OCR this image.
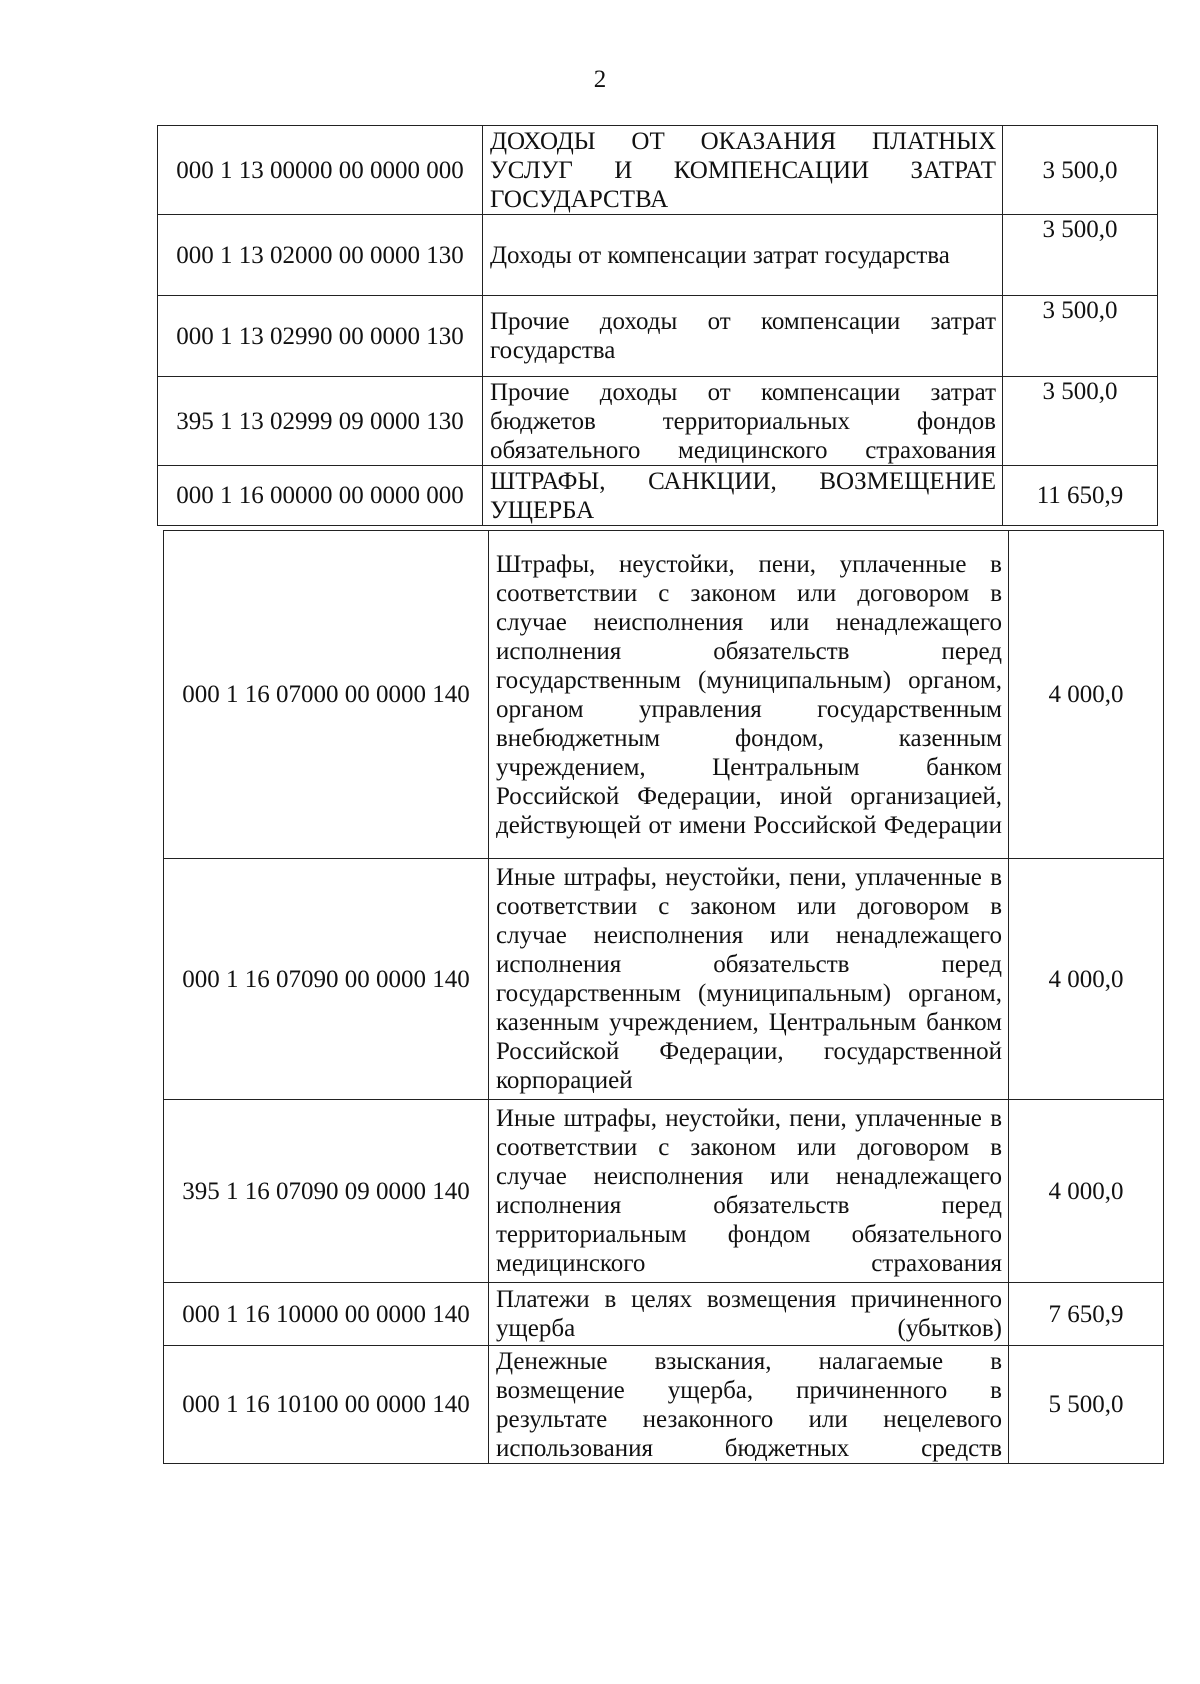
2
000 1 13 00000 00 0000 000	ДОХОДЫ ОТ ОКАЗАНИЯ ПЛАТНЫХ УСЛУГ И КОМПЕНСАЦИИ ЗАТРАТ ГОСУДАРСТВА	3 500,0
000 1 13 02000 00 0000 130	Доходы от компенсации затрат государства	3 500,0
000 1 13 02990 00 0000 130	Прочие доходы от компенсации затрат государства	3 500,0
395 1 13 02999 09 0000 130	Прочие доходы от компенсации затрат бюджетов территориальных фондов обязательного медицинского страхования	3 500,0
000 1 16 00000 00 0000 000	ШТРАФЫ, САНКЦИИ, ВОЗМЕЩЕНИЕ УЩЕРБА	11 650,9
000 1 16 07000 00 0000 140	Штрафы, неустойки, пени, уплаченные в соответствии с законом или договором в случае неисполнения или ненадлежащего исполнения обязательств перед государственным (муниципальным) органом, органом управления государственным внебюджетным фондом, казенным учреждением, Центральным банком Российской Федерации, иной организацией, действующей от имени Российской Федерации	4 000,0
000 1 16 07090 00 0000 140	Иные штрафы, неустойки, пени, уплаченные в соответствии с законом или договором в случае неисполнения или ненадлежащего исполнения обязательств перед государственным (муниципальным) органом, казенным учреждением, Центральным банком Российской Федерации, государственной корпорацией	4 000,0
395 1 16 07090 09 0000 140	Иные штрафы, неустойки, пени, уплаченные в соответствии с законом или договором в случае неисполнения или ненадлежащего исполнения обязательств перед территориальным фондом обязательного медицинского страхования	4 000,0
000 1 16 10000 00 0000 140	Платежи в целях возмещения причиненного ущерба (убытков)	7 650,9
000 1 16 10100 00 0000 140	Денежные взыскания, налагаемые в возмещение ущерба, причиненного в результате незаконного или нецелевого использования бюджетных средств	5 500,0
